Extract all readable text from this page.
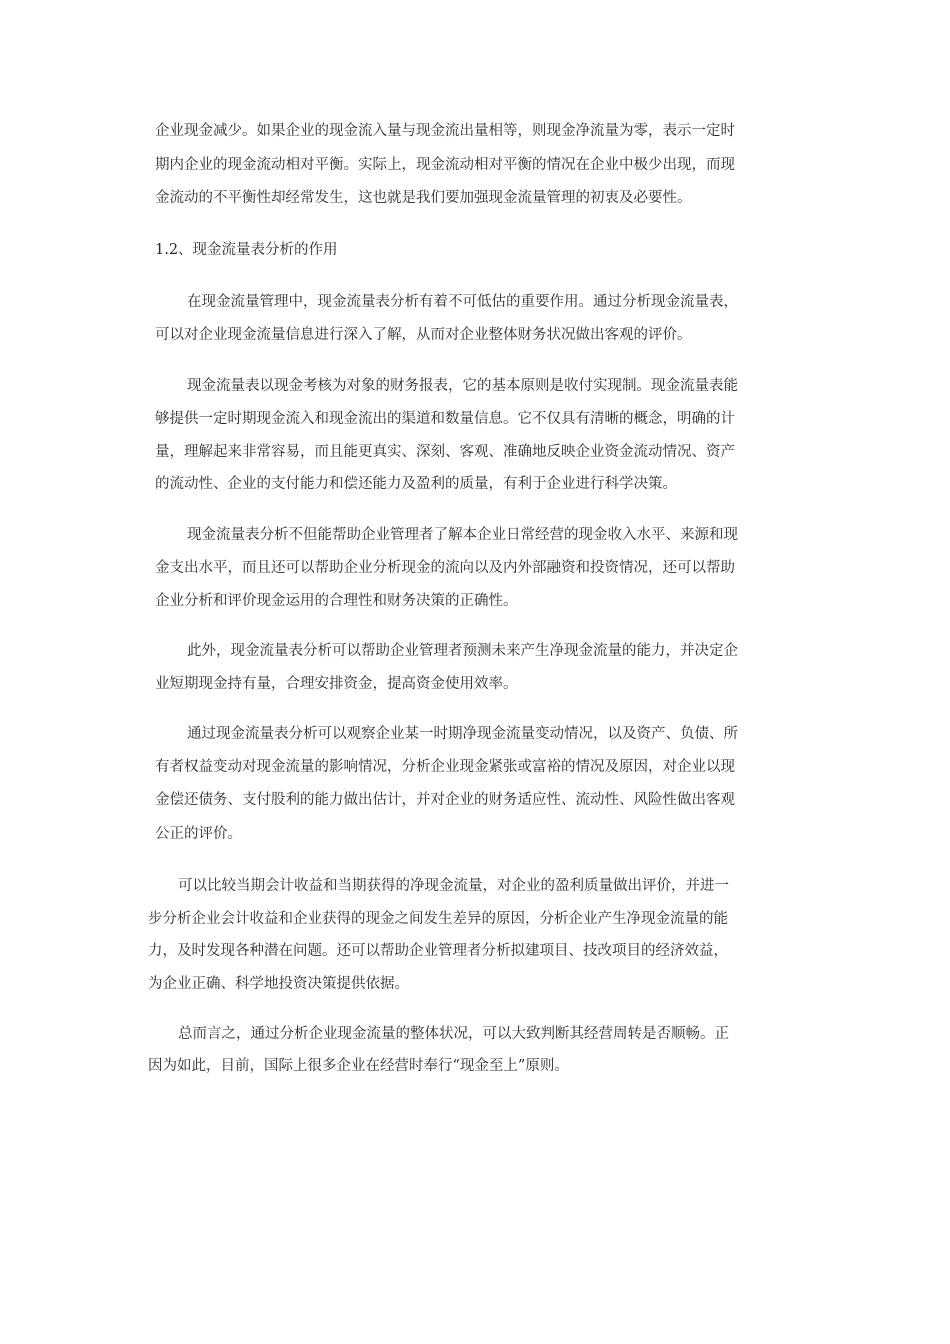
企业现金减少。如果企业的现金流入量与现金流出量相等，则现金净流量为零，表示一定时
期内企业的现金流动相对平衡。实际上，现金流动相对平衡的情况在企业中极少出现，而现
金流动的不平衡性却经常发生，这也就是我们要加强现金流量管理的初衷及必要性。
1.2、现金流量表分析的作用
在现金流量管理中，现金流量表分析有着不可低估的重要作用。通过分析现金流量表，
可以对企业现金流量信息进行深入了解，从而对企业整体财务状况做出客观的评价。
现金流量表以现金考核为对象的财务报表，它的基本原则是收付实现制。现金流量表能
够提供一定时期现金流入和现金流出的渠道和数量信息。它不仅具有清晰的概念，明确的计
量，理解起来非常容易，而且能更真实、深刻、客观、准确地反映企业资金流动情况、资产
的流动性、企业的支付能力和偿还能力及盈利的质量，有利于企业进行科学决策。
现金流量表分析不但能帮助企业管理者了解本企业日常经营的现金收入水平、来源和现
金支出水平，而且还可以帮助企业分析现金的流向以及内外部融资和投资情况，还可以帮助
企业分析和评价现金运用的合理性和财务决策的正确性。
此外，现金流量表分析可以帮助企业管理者预测未来产生净现金流量的能力，并决定企
业短期现金持有量，合理安排资金，提高资金使用效率。
通过现金流量表分析可以观察企业某一时期净现金流量变动情况，以及资产、负债、所
有者权益变动对现金流量的影响情况，分析企业现金紧张或富裕的情况及原因，对企业以现
金偿还债务、支付股利的能力做出估计，并对企业的财务适应性、流动性、风险性做出客观
公正的评价。
可以比较当期会计收益和当期获得的净现金流量，对企业的盈利质量做出评价，并进一
步分析企业会计收益和企业获得的现金之间发生差异的原因，分析企业产生净现金流量的能
力，及时发现各种潜在问题。还可以帮助企业管理者分析拟建项目、技改项目的经济效益，
为企业正确、科学地投资决策提供依据。
总而言之，通过分析企业现金流量的整体状况，可以大致判断其经营周转是否顺畅。正
因为如此，目前，国际上很多企业在经营时奉行“现金至上”原则。
